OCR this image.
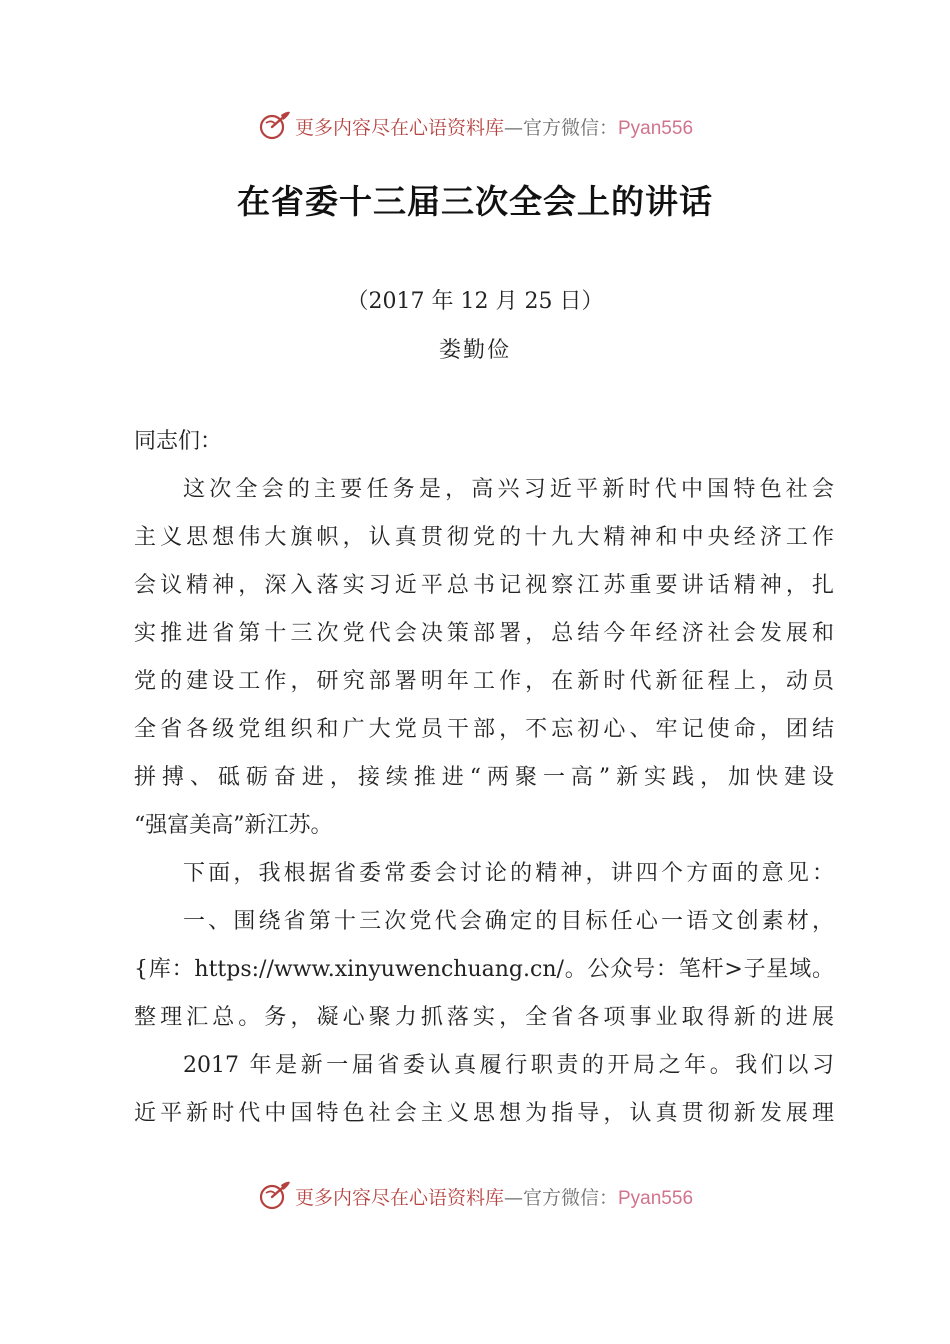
更多内容尽在心语资料库—官方微信：Pyan556
在省委十三届三次全会上的讲话
（2017 年 12 月 25 日）
娄勤俭
同志们：
这次全会的主要任务是，高兴习近平新时代中国特色社会
主义思想伟大旗帜，认真贯彻党的十九大精神和中央经济工作
会议精神，深入落实习近平总书记视察江苏重要讲话精神，扎
实推进省第十三次党代会决策部署，总结今年经济社会发展和
党的建设工作，研究部署明年工作，在新时代新征程上，动员
全省各级党组织和广大党员干部，不忘初心、牢记使命，团结
拼搏、砥砺奋进，接续推进“两聚一高”新实践，加快建设
“强富美高”新江苏。
下面，我根据省委常委会讨论的精神，讲四个方面的意见：
一、围绕省第十三次党代会确定的目标任心一语文创素材，
{库：https://www.xinyuwenchuang.cn/。公众号：笔杆>子星域。
整理汇总。务，凝心聚力抓落实，全省各项事业取得新的进展
2017 年是新一届省委认真履行职责的开局之年。我们以习
近平新时代中国特色社会主义思想为指导，认真贯彻新发展理
更多内容尽在心语资料库—官方微信：Pyan556
